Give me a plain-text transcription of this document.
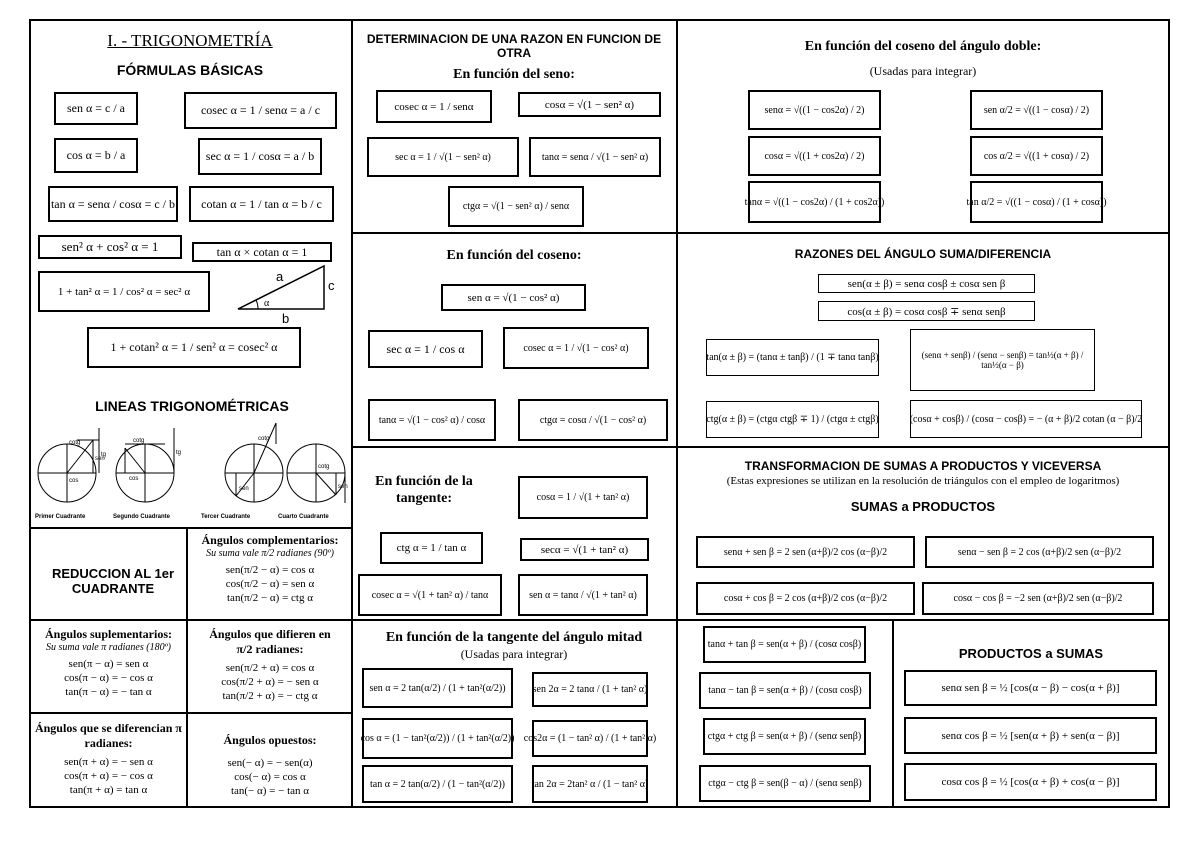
I. - TRIGONOMETRÍA
FÓRMULAS BÁSICAS
sen α = c / a	cosec α = 1 / senα = a / c
cos α = b / a	sec α = 1 / cosα = a / b
tan α = senα / cosα = c / b	cotan α = 1 / tan α = b / c
sen² α + cos² α = 1	tan α × cotan α = 1
1 + tan² α = 1 / cos² α = sec² α
1 + cotan² α = 1 / sen² α = cosec² α
a
c
b
α
LINEAS TRIGONOMÉTRICAS
cotg
sen
cos
tg
cotg
cos
tg
cotg
sen
cotg
sen
Primer Cuadrante	Segundo Cuadrante	Tercer Cuadrante	Cuarto Cuadrante
REDUCCION AL 1er CUADRANTE
Ángulos complementarios:
Su suma vale π/2 radianes (90º)
sen(π/2 − α) = cos α
cos(π/2 − α) = sen α
tan(π/2 − α) = ctg α
Ángulos suplementarios:
Su suma vale π radianes (180º)
sen(π − α) = sen α
cos(π − α) = − cos α
tan(π − α) = − tan α
Ángulos que difieren en π/2 radianes:
sen(π/2 + α) = cos α
cos(π/2 + α) = − sen α
tan(π/2 + α) = − ctg α
Ángulos que se diferencian π radianes:
sen(π + α) = − sen α
cos(π + α) = − cos α
tan(π + α) = tan α
Ángulos opuestos:
sen(− α) = − sen(α)
cos(− α) = cos α
tan(− α) = − tan α
DETERMINACION DE UNA RAZON EN FUNCION DE OTRA
En función del seno:
cosec α = 1 / senα	cosα = √(1 − sen² α)
sec α = 1 / √(1 − sen² α)	tanα = senα / √(1 − sen² α)
ctgα = √(1 − sen² α) / senα
En función del coseno:
sen α = √(1 − cos² α)
sec α = 1 / cos α	cosec α = 1 / √(1 − cos² α)
tanα = √(1 − cos² α) / cosα	ctgα = cosα / √(1 − cos² α)
En función de la tangente:	cosα = 1 / √(1 + tan² α)
ctg α = 1 / tan α	secα = √(1 + tan² α)
cosec α = √(1 + tan² α) / tanα	sen α = tanα / √(1 + tan² α)
En función de la tangente del ángulo mitad
(Usadas para integrar)
sen α = 2 tan(α/2) / (1 + tan²(α/2))	sen 2α = 2 tanα / (1 + tan² α)
cos α = (1 − tan²(α/2)) / (1 + tan²(α/2)) cos2α = (1 − tan² α) / (1 + tan² α)
tan α = 2 tan(α/2) / (1 − tan²(α/2))	tan 2α = 2tan² α / (1 − tan² α)
En función del coseno del ángulo doble:
(Usadas para integrar)
senα = √((1 − cos2α) / 2)	sen α/2 = √((1 − cosα) / 2)
cosα = √((1 + cos2α) / 2)	cos α/2 = √((1 + cosα) / 2)
tanα = √((1 − cos2α) / (1 + cos2α))	tan α/2 = √((1 − cosα) / (1 + cosα))
RAZONES DEL ÁNGULO SUMA/DIFERENCIA
sen(α ± β) = senα cosβ ± cosα sen β
cos(α ± β) = cosα cosβ ∓ senα senβ
tan(α ± β) = (tanα ± tanβ) / (1 ∓ tanα tanβ)	(senα + senβ) / (senα − senβ) = tan½(α + β) / tan½(α − β)
ctg(α ± β) = (ctgα ctgβ ∓ 1) / (ctgα ± ctgβ)	(cosα + cosβ) / (cosα − cosβ) = − (α + β)/2 cotan (α − β)/2
TRANSFORMACION DE SUMAS A PRODUCTOS Y VICEVERSA
(Estas expresiones se utilizan en la resolución de triángulos con el empleo de logaritmos)
SUMAS a PRODUCTOS
senα + sen β = 2 sen (α+β)/2 cos (α−β)/2	senα − sen β = 2 cos (α+β)/2 sen (α−β)/2
cosα + cos β = 2 cos (α+β)/2 cos (α−β)/2	cosα − cos β = −2 sen (α+β)/2 sen (α−β)/2
tanα + tan β = sen(α + β) / (cosα cosβ)
tanα − tan β = sen(α + β) / (cosα cosβ)
ctgα + ctg β = sen(α + β) / (senα senβ)
ctgα − ctg β = sen(β − α) / (senα senβ)
PRODUCTOS a SUMAS
senα sen β = ½ [cos(α − β) − cos(α + β)]
senα cos β = ½ [sen(α + β) + sen(α − β)]
cosα cos β = ½ [cos(α + β) + cos(α − β)]
